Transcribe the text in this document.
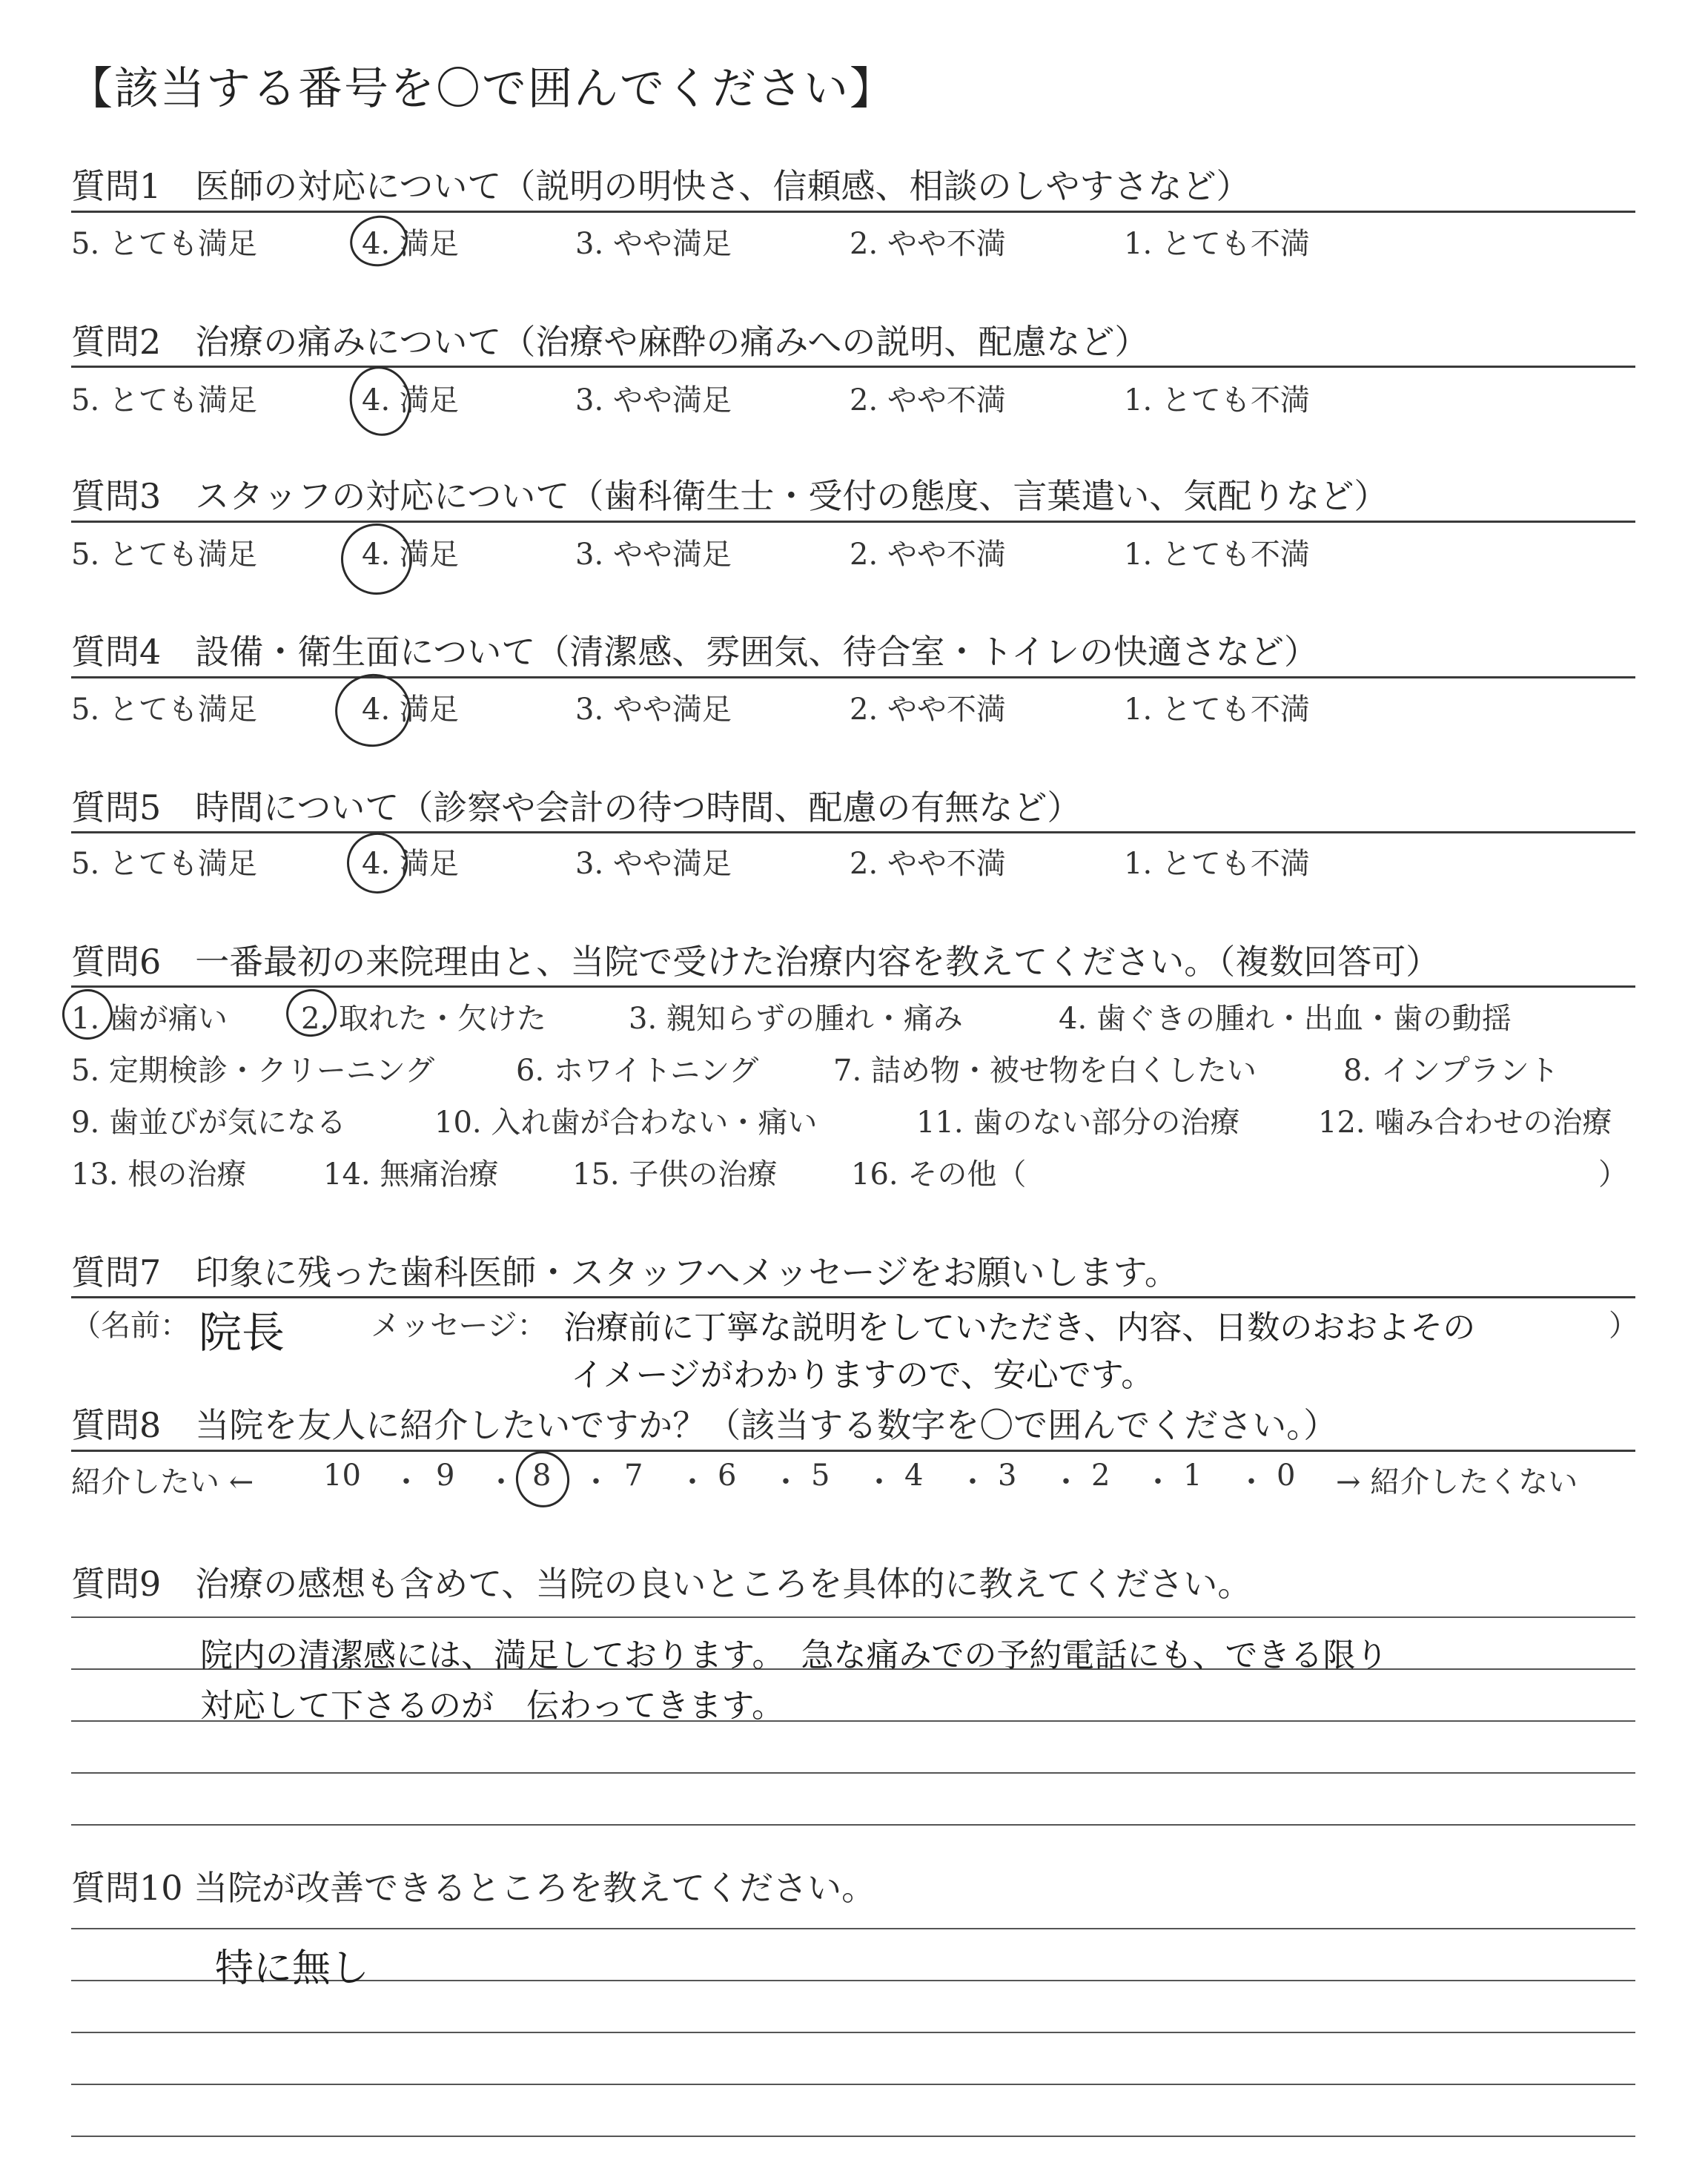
【該当する番号を〇で囲んでください】
質問1　医師の対応について（説明の明快さ、信頼感、相談のしやすさなど）
5. とても満足	4. 満足	3. やや満足	2. やや不満	1. とても不満
質問2　治療の痛みについて（治療や麻酔の痛みへの説明、配慮など）
5. とても満足	4. 満足	3. やや満足	2. やや不満	1. とても不満
質問3　スタッフの対応について（歯科衛生士・受付の態度、言葉遣い、気配りなど）
5. とても満足	4. 満足	3. やや満足	2. やや不満	1. とても不満
質問4　設備・衛生面について（清潔感、雰囲気、待合室・トイレの快適さなど）
5. とても満足	4. 満足	3. やや満足	2. やや不満	1. とても不満
質問5　時間について（診察や会計の待つ時間、配慮の有無など）
5. とても満足	4. 満足	3. やや満足	2. やや不満	1. とても不満
質問6　一番最初の来院理由と、当院で受けた治療内容を教えてください。（複数回答可）
1. 歯が痛い 2. 取れた・欠けた	3. 親知らずの腫れ・痛み	4. 歯ぐきの腫れ・出血・歯の動揺
5. 定期検診・クリーニング	6. ホワイトニング	7. 詰め物・被せ物を白くしたい	8. インプラント
9. 歯並びが気になる	10. 入れ歯が合わない・痛い	11. 歯のない部分の治療	12. 噛み合わせの治療
13. 根の治療	14. 無痛治療 15. 子供の治療 16. その他（	）
質問7　印象に残った歯科医師・スタッフへメッセージをお願いします。
（名前： 院長	メッセージ： 治療前に丁寧な説明をしていただき、内容、日数のおおよその
イメージがわかりますので、安心です。
）
質問8　当院を友人に紹介したいですか？（該当する数字を〇で囲んでください。）
紹介したい ← 10 ・ 9 ・ 8 ・ 7 ・ 6 ・ 5 ・ 4 ・ 3 ・ 2 ・ 1 ・ 0 → 紹介したくない
質問9　治療の感想も含めて、当院の良いところを具体的に教えてください。
院内の清潔感には、満足しております。　急な痛みでの予約電話にも、できる限り
対応して下さるのが　伝わってきます。
質問10 当院が改善できるところを教えてください。
特に無し
